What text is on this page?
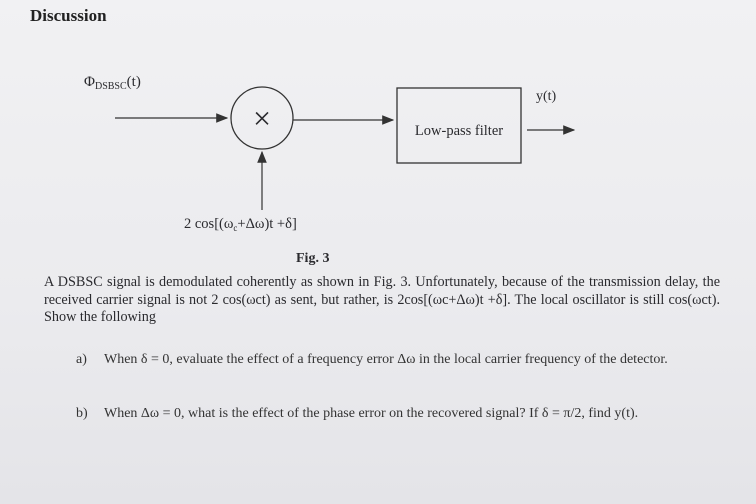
Discussion
$\Phi_{DSBSC}(t)$
×	Low-pass filter
y(t)
2 $\cos[(\omega_c+\Delta\omega)t +\delta]$
Fig. 3
A DSBSC signal is demodulated coherently as shown in Fig. 3. Unfortunately, because of the transmission delay, the received carrier signal is not 2 cos(ωct) as sent, but rather, is 2cos[(ωc+Δω)t +δ]. The local oscillator is still cos(ωct). Show the following
a) When δ = 0, evaluate the effect of a frequency error Δω in the local carrier frequency of the detector.
b) When Δω = 0, what is the effect of the phase error on the recovered signal? If δ = π/2, find y(t).
